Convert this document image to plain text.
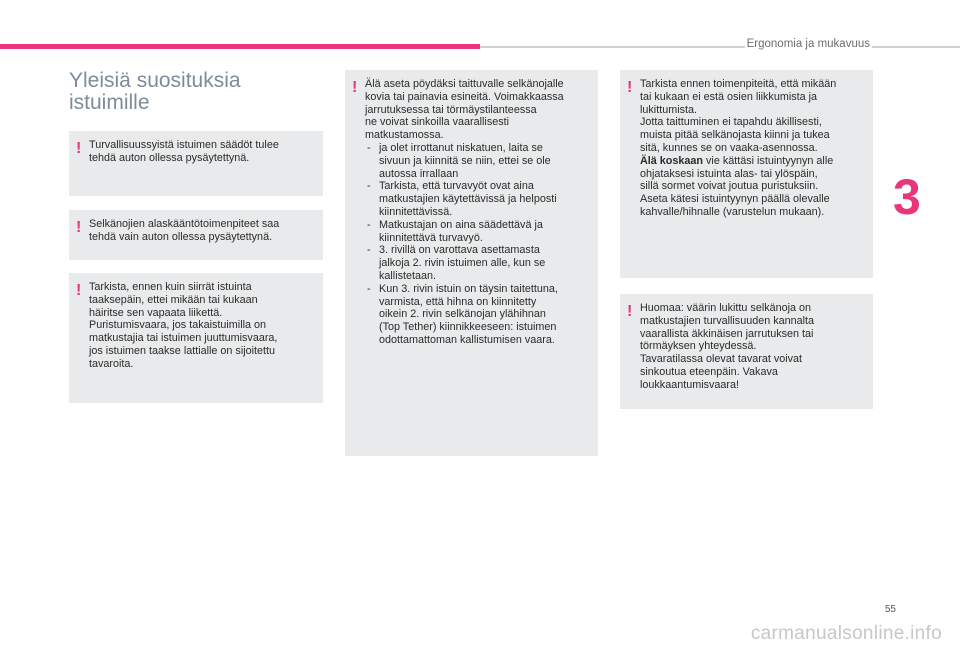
Ergonomia ja mukavuus
3
Yleisiä suosituksia
istuimille
! Turvallisuussyistä istuimen säädöt tulee
tehdä auton ollessa pysäytettynä.

! Selkänojien alaskääntötoimenpiteet saa
tehdä vain auton ollessa pysäytettynä.

! Tarkista, ennen kuin siirrät istuinta
taaksepäin, ettei mikään tai kukaan
häiritse sen vapaata liikettä.
Puristumisvaara, jos takaistuimilla on
matkustajia tai istuimen juuttumisvaara,
jos istuimen taakse lattialle on sijoitettu
tavaroita.

! Älä aseta pöydäksi taittuvalle selkänojalle
kovia tai painavia esineitä. Voimakkaassa
jarrutuksessa tai törmäystilanteessa
ne voivat sinkoilla vaarallisesti
matkustamossa.

- ja olet irrottanut niskatuen, laita se
sivuun ja kiinnitä se niin, ettei se ole
autossa irrallaan
- Tarkista, että turvavyöt ovat aina
matkustajien käytettävissä ja helposti
kiinnitettävissä.
- Matkustajan on aina säädettävä ja
kiinnitettävä turvavyö.
- 3. rivillä on varottava asettamasta
jalkoja 2. rivin istuimen alle, kun se
kallistetaan.
- Kun 3. rivin istuin on täysin taitettuna,
varmista, että hihna on kiinnitetty
oikein 2. rivin selkänojan ylähihnan
(Top Tether) kiinnikkeeseen: istuimen
odottamattoman kallistumisen vaara.
! Tarkista ennen toimenpiteitä, että mikään
tai kukaan ei estä osien liikkumista ja
lukittumista.
Jotta taittuminen ei tapahdu äkillisesti,
muista pitää selkänojasta kiinni ja tukea
sitä, kunnes se on vaaka-asennossa.
Älä koskaan vie kättäsi istuintyynyn alle
ohjataksesi istuinta alas- tai ylöspäin,
sillä sormet voivat joutua puristuksiin.
Aseta kätesi istuintyynyn päällä olevalle
kahvalle/hihnalle (varustelun mukaan).

! Huomaa: väärin lukittu selkänoja on
matkustajien turvallisuuden kannalta
vaarallista äkkinäisen jarrutuksen tai
törmäyksen yhteydessä.
Tavaratilassa olevat tavarat voivat
sinkoutua eteenpäin. Vakava
loukkaantumisvaara!

55
carmanualsonline.info
